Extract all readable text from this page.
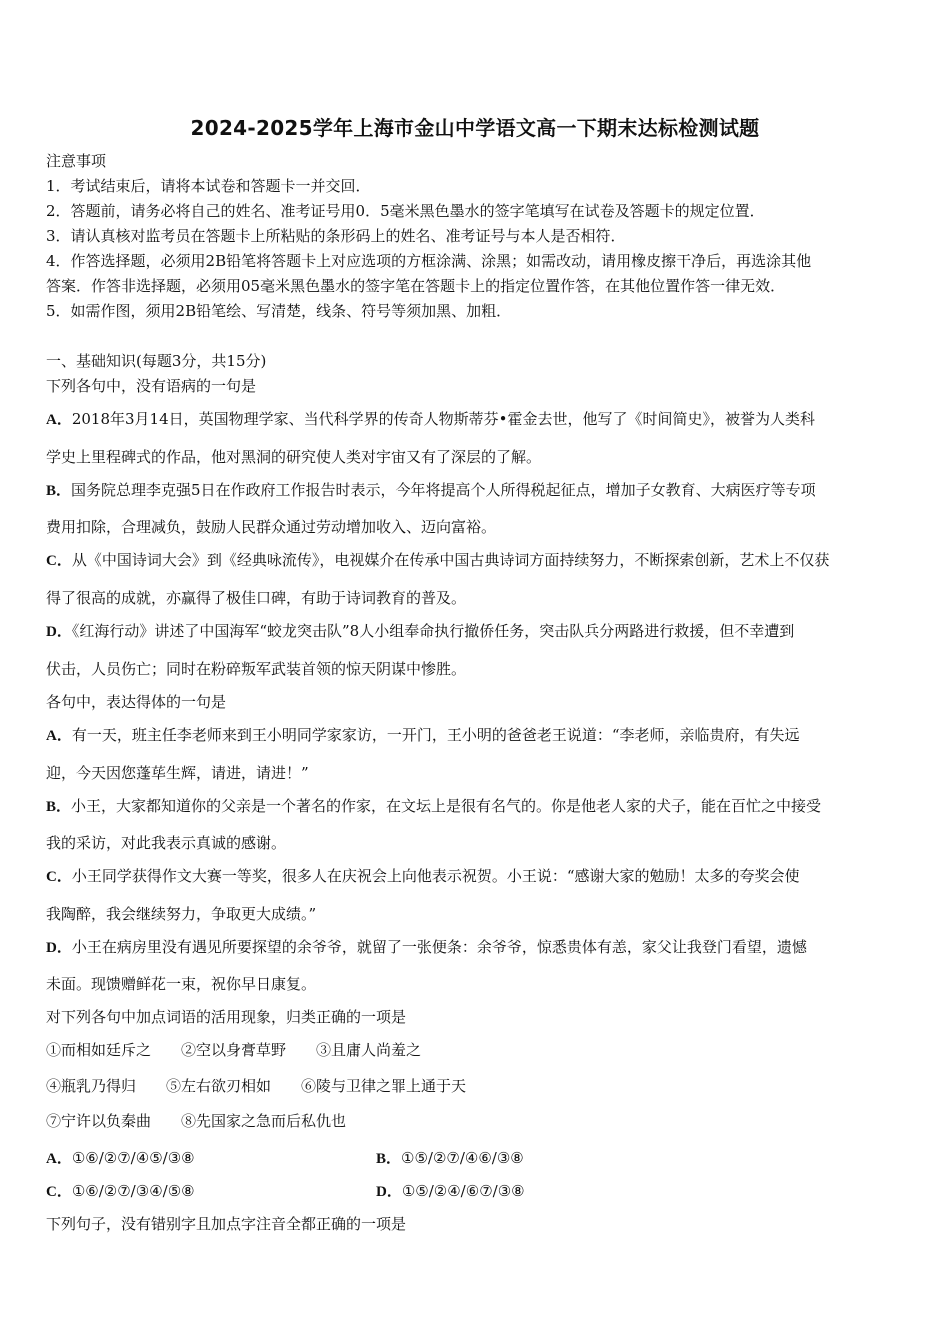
2024-2025学年上海市金山中学语文高一下期末达标检测试题
注意事项
1．考试结束后，请将本试卷和答题卡一并交回．
2．答题前，请务必将自己的姓名、准考证号用0．5毫米黑色墨水的签字笔填写在试卷及答题卡的规定位置．
3．请认真核对监考员在答题卡上所粘贴的条形码上的姓名、准考证号与本人是否相符．
4．作答选择题，必须用2B铅笔将答题卡上对应选项的方框涂满、涂黑；如需改动，请用橡皮擦干净后，再选涂其他
答案．作答非选择题，必须用05毫米黑色墨水的签字笔在答题卡上的指定位置作答，在其他位置作答一律无效．
5．如需作图，须用2B铅笔绘、写清楚，线条、符号等须加黑、加粗．
一、基础知识(每题3分，共15分)
下列各句中，没有语病的一句是
A．2018年3月14日，英国物理学家、当代科学界的传奇人物斯蒂芬•霍金去世，他写了《时间简史》，被誉为人类科
学史上里程碑式的作品，他对黑洞的研究使人类对宇宙又有了深层的了解。
B．国务院总理李克强5日在作政府工作报告时表示，今年将提高个人所得税起征点，增加子女教育、大病医疗等专项
费用扣除，合理减负，鼓励人民群众通过劳动增加收入、迈向富裕。
C．从《中国诗词大会》到《经典咏流传》，电视媒介在传承中国古典诗词方面持续努力，不断探索创新，艺术上不仅获
得了很高的成就，亦赢得了极佳口碑，有助于诗词教育的普及。
D．《红海行动》讲述了中国海军“蛟龙突击队”8人小组奉命执行撤侨任务，突击队兵分两路进行救援，但不幸遭到
伏击，人员伤亡；同时在粉碎叛军武装首领的惊天阴谋中惨胜。
各句中，表达得体的一句是
A．有一天，班主任李老师来到王小明同学家家访，一开门，王小明的爸爸老王说道：“李老师，亲临贵府，有失远
迎，今天因您蓬荜生辉，请进，请进！”
B．小王，大家都知道你的父亲是一个著名的作家，在文坛上是很有名气的。你是他老人家的犬子，能在百忙之中接受
我的采访，对此我表示真诚的感谢。
C．小王同学获得作文大赛一等奖，很多人在庆祝会上向他表示祝贺。小王说：“感谢大家的勉励！太多的夸奖会使
我陶醉，我会继续努力，争取更大成绩。”
D．小王在病房里没有遇见所要探望的余爷爷，就留了一张便条：余爷爷，惊悉贵体有恙，家父让我登门看望，遗憾
未面。现馈赠鲜花一束，祝你早日康复。
对下列各句中加点词语的活用现象，归类正确的一项是
①而相如廷斥之　　②空以身膏草野　　③且庸人尚羞之
④瓶乳乃得归　　⑤左右欲刃相如　　⑥陵与卫律之罪上通于天
⑦宁许以负秦曲　　⑧先国家之急而后私仇也
A．①⑥/②⑦/④⑤/③⑧	B．①⑤/②⑦/④⑥/③⑧
C．①⑥/②⑦/③④/⑤⑧	D．①⑤/②④/⑥⑦/③⑧
下列句子，没有错别字且加点字注音全都正确的一项是
